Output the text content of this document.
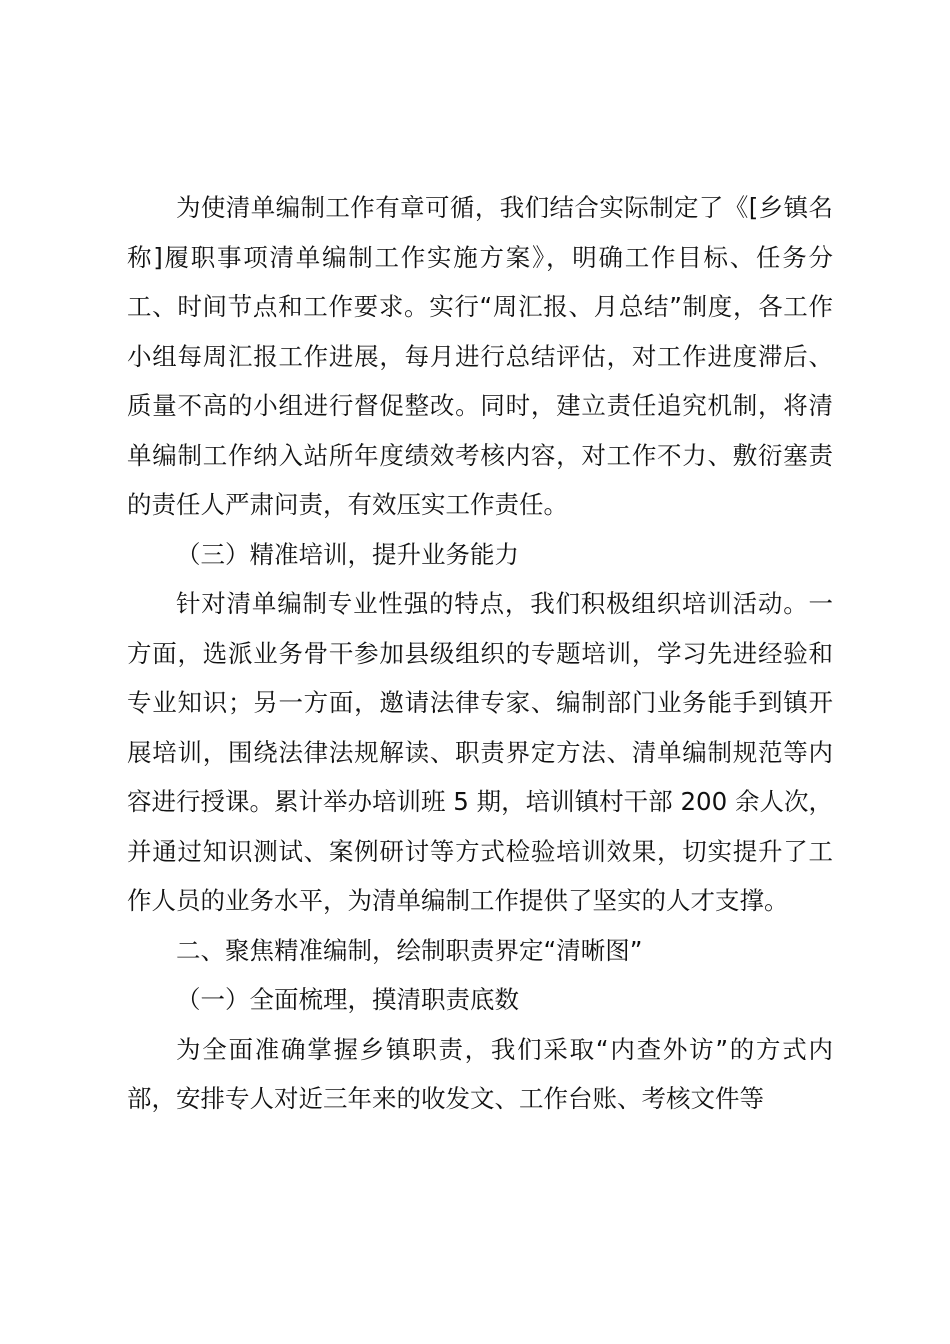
为使清单编制工作有章可循，我们结合实际制定了《[乡镇名称]履职事项清单编制工作实施方案》，明确工作目标、任务分工、时间节点和工作要求。实行“周汇报、月总结”制度，各工作小组每周汇报工作进展，每月进行总结评估，对工作进度滞后、质量不高的小组进行督促整改。同时，建立责任追究机制，将清单编制工作纳入站所年度绩效考核内容，对工作不力、敷衍塞责的责任人严肃问责，有效压实工作责任。

（三）精准培训，提升业务能力

针对清单编制专业性强的特点，我们积极组织培训活动。一方面，选派业务骨干参加县级组织的专题培训，学习先进经验和专业知识；另一方面，邀请法律专家、编制部门业务能手到镇开展培训，围绕法律法规解读、职责界定方法、清单编制规范等内容进行授课。累计举办培训班 5 期，培训镇村干部 200 余人次，并通过知识测试、案例研讨等方式检验培训效果，切实提升了工作人员的业务水平，为清单编制工作提供了坚实的人才支撑。

二、聚焦精准编制，绘制职责界定“清晰图”

（一）全面梳理，摸清职责底数

为全面准确掌握乡镇职责，我们采取“内查外访”的方式内部，安排专人对近三年来的收发文、工作台账、考核文件等
